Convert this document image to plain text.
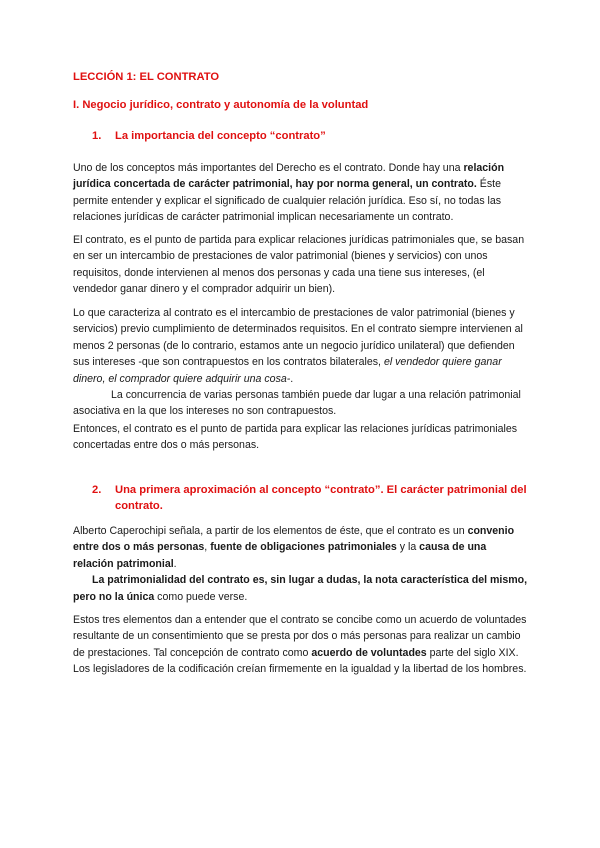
LECCIÓN 1: EL CONTRATO
I. Negocio jurídico, contrato y autonomía de la voluntad
1.	La importancia del concepto “contrato”

Uno de los conceptos más importantes del Derecho es el contrato. Donde hay una relación jurídica concertada de carácter patrimonial, hay por norma general, un contrato. Éste permite entender y explicar el significado de cualquier relación jurídica. Eso sí, no todas las relaciones jurídicas de carácter patrimonial implican necesariamente un contrato.

El contrato, es el punto de partida para explicar relaciones jurídicas patrimoniales que, se basan en ser un intercambio de prestaciones de valor patrimonial (bienes y servicios) con unos requisitos, donde intervienen al menos dos personas y cada una tiene sus intereses, (el vendedor ganar dinero y el comprador adquirir un bien).

Lo que caracteriza al contrato es el intercambio de prestaciones de valor patrimonial (bienes y servicios) previo cumplimiento de determinados requisitos. En el contrato siempre intervienen al menos 2 personas (de lo contrario, estamos ante un negocio jurídico unilateral) que defienden sus intereses -que son contrapuestos en los contratos bilaterales, el vendedor quiere ganar dinero, el comprador quiere adquirir una cosa-.
La concurrencia de varias personas también puede dar lugar a una relación patrimonial asociativa en la que los intereses no son contrapuestos.

Entonces, el contrato es el punto de partida para explicar las relaciones jurídicas patrimoniales concertadas entre dos o más personas.

2.	Una primera aproximación al concepto “contrato”. El carácter patrimonial del contrato.

Alberto Caperochipi señala, a partir de los elementos de éste, que el contrato es un convenio entre dos o más personas, fuente de obligaciones patrimoniales y la causa de una relación patrimonial.
La patrimonialidad del contrato es, sin lugar a dudas, la nota característica del mismo, pero no la única como puede verse.

Estos tres elementos dan a entender que el contrato se concibe como un acuerdo de voluntades resultante de un consentimiento que se presta por dos o más personas para realizar un cambio de prestaciones. Tal concepción de contrato como acuerdo de voluntades parte del siglo XIX. Los legisladores de la codificación creían firmemente en la igualdad y la libertad de los hombres.
